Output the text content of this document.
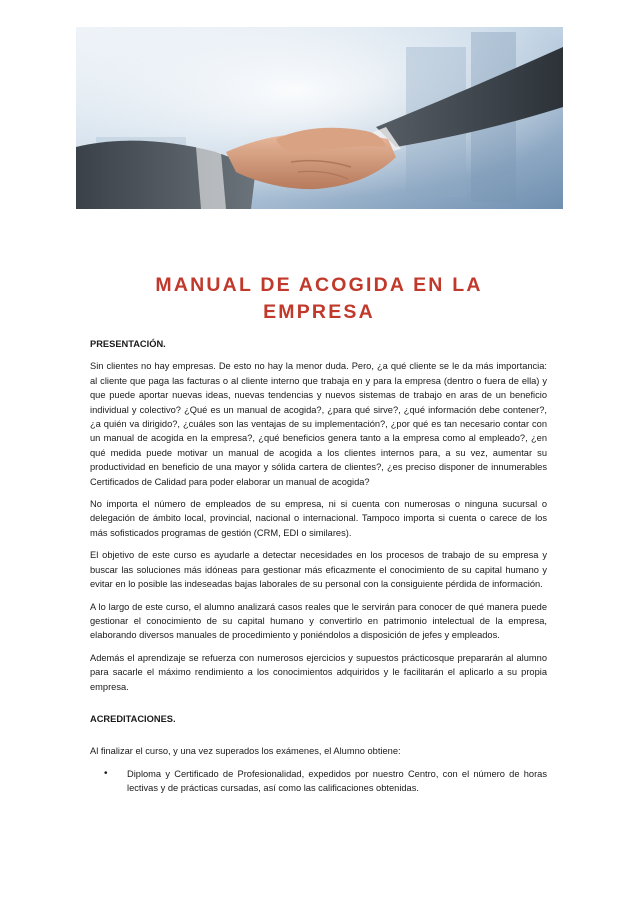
MANUAL DE ACOGIDA EN LA
EMPRESA
PRESENTACIÓN.

Sin clientes no hay empresas. De esto no hay la menor duda. Pero, ¿a qué cliente se le da más importancia: al cliente que paga las facturas o al cliente interno que trabaja en y para la empresa (dentro o fuera de ella) y que puede aportar nuevas ideas, nuevas tendencias y nuevos sistemas de trabajo en aras de un beneficio individual y colectivo? ¿Qué es un manual de acogida?, ¿para qué sirve?, ¿qué información debe contener?, ¿a quién va dirigido?, ¿cuáles son las ventajas de su implementación?, ¿por qué es tan necesario contar con un manual de acogida en la empresa?, ¿qué beneficios genera tanto a la empresa como al empleado?, ¿en qué medida puede motivar un manual de acogida a los clientes internos para, a su vez, aumentar su productividad en beneficio de una mayor y sólida cartera de clientes?, ¿es preciso disponer de innumerables Certificados de Calidad para poder elaborar un manual de acogida?

No importa el número de empleados de su empresa, ni si cuenta con numerosas o ninguna sucursal o delegación de ámbito local, provincial, nacional o internacional. Tampoco importa si cuenta o carece de los más sofisticados programas de gestión (CRM, EDI o similares).

El objetivo de este curso es ayudarle a detectar necesidades en los procesos de trabajo de su empresa y buscar las soluciones más idóneas para gestionar más eficazmente el conocimiento de su capital humano y evitar en lo posible las indeseadas bajas laborales de su personal con la consiguiente pérdida de información.

A lo largo de este curso, el alumno analizará casos reales que le servirán para conocer de qué manera puede gestionar el conocimiento de su capital humano y convertirlo en patrimonio intelectual de la empresa, elaborando diversos manuales de procedimiento y poniéndolos a disposición de jefes y empleados.

Además el aprendizaje se refuerza con numerosos ejercicios y supuestos prácticosque prepararán al alumno para sacarle el máximo rendimiento a los conocimientos adquiridos y le facilitarán el aplicarlo a su propia empresa.

ACREDITACIONES.

Al finalizar el curso, y una vez superados los exámenes, el Alumno obtiene:

• Diploma y Certificado de Profesionalidad, expedidos por nuestro Centro, con el número de horas lectivas y de prácticas cursadas, así como las calificaciones obtenidas.
